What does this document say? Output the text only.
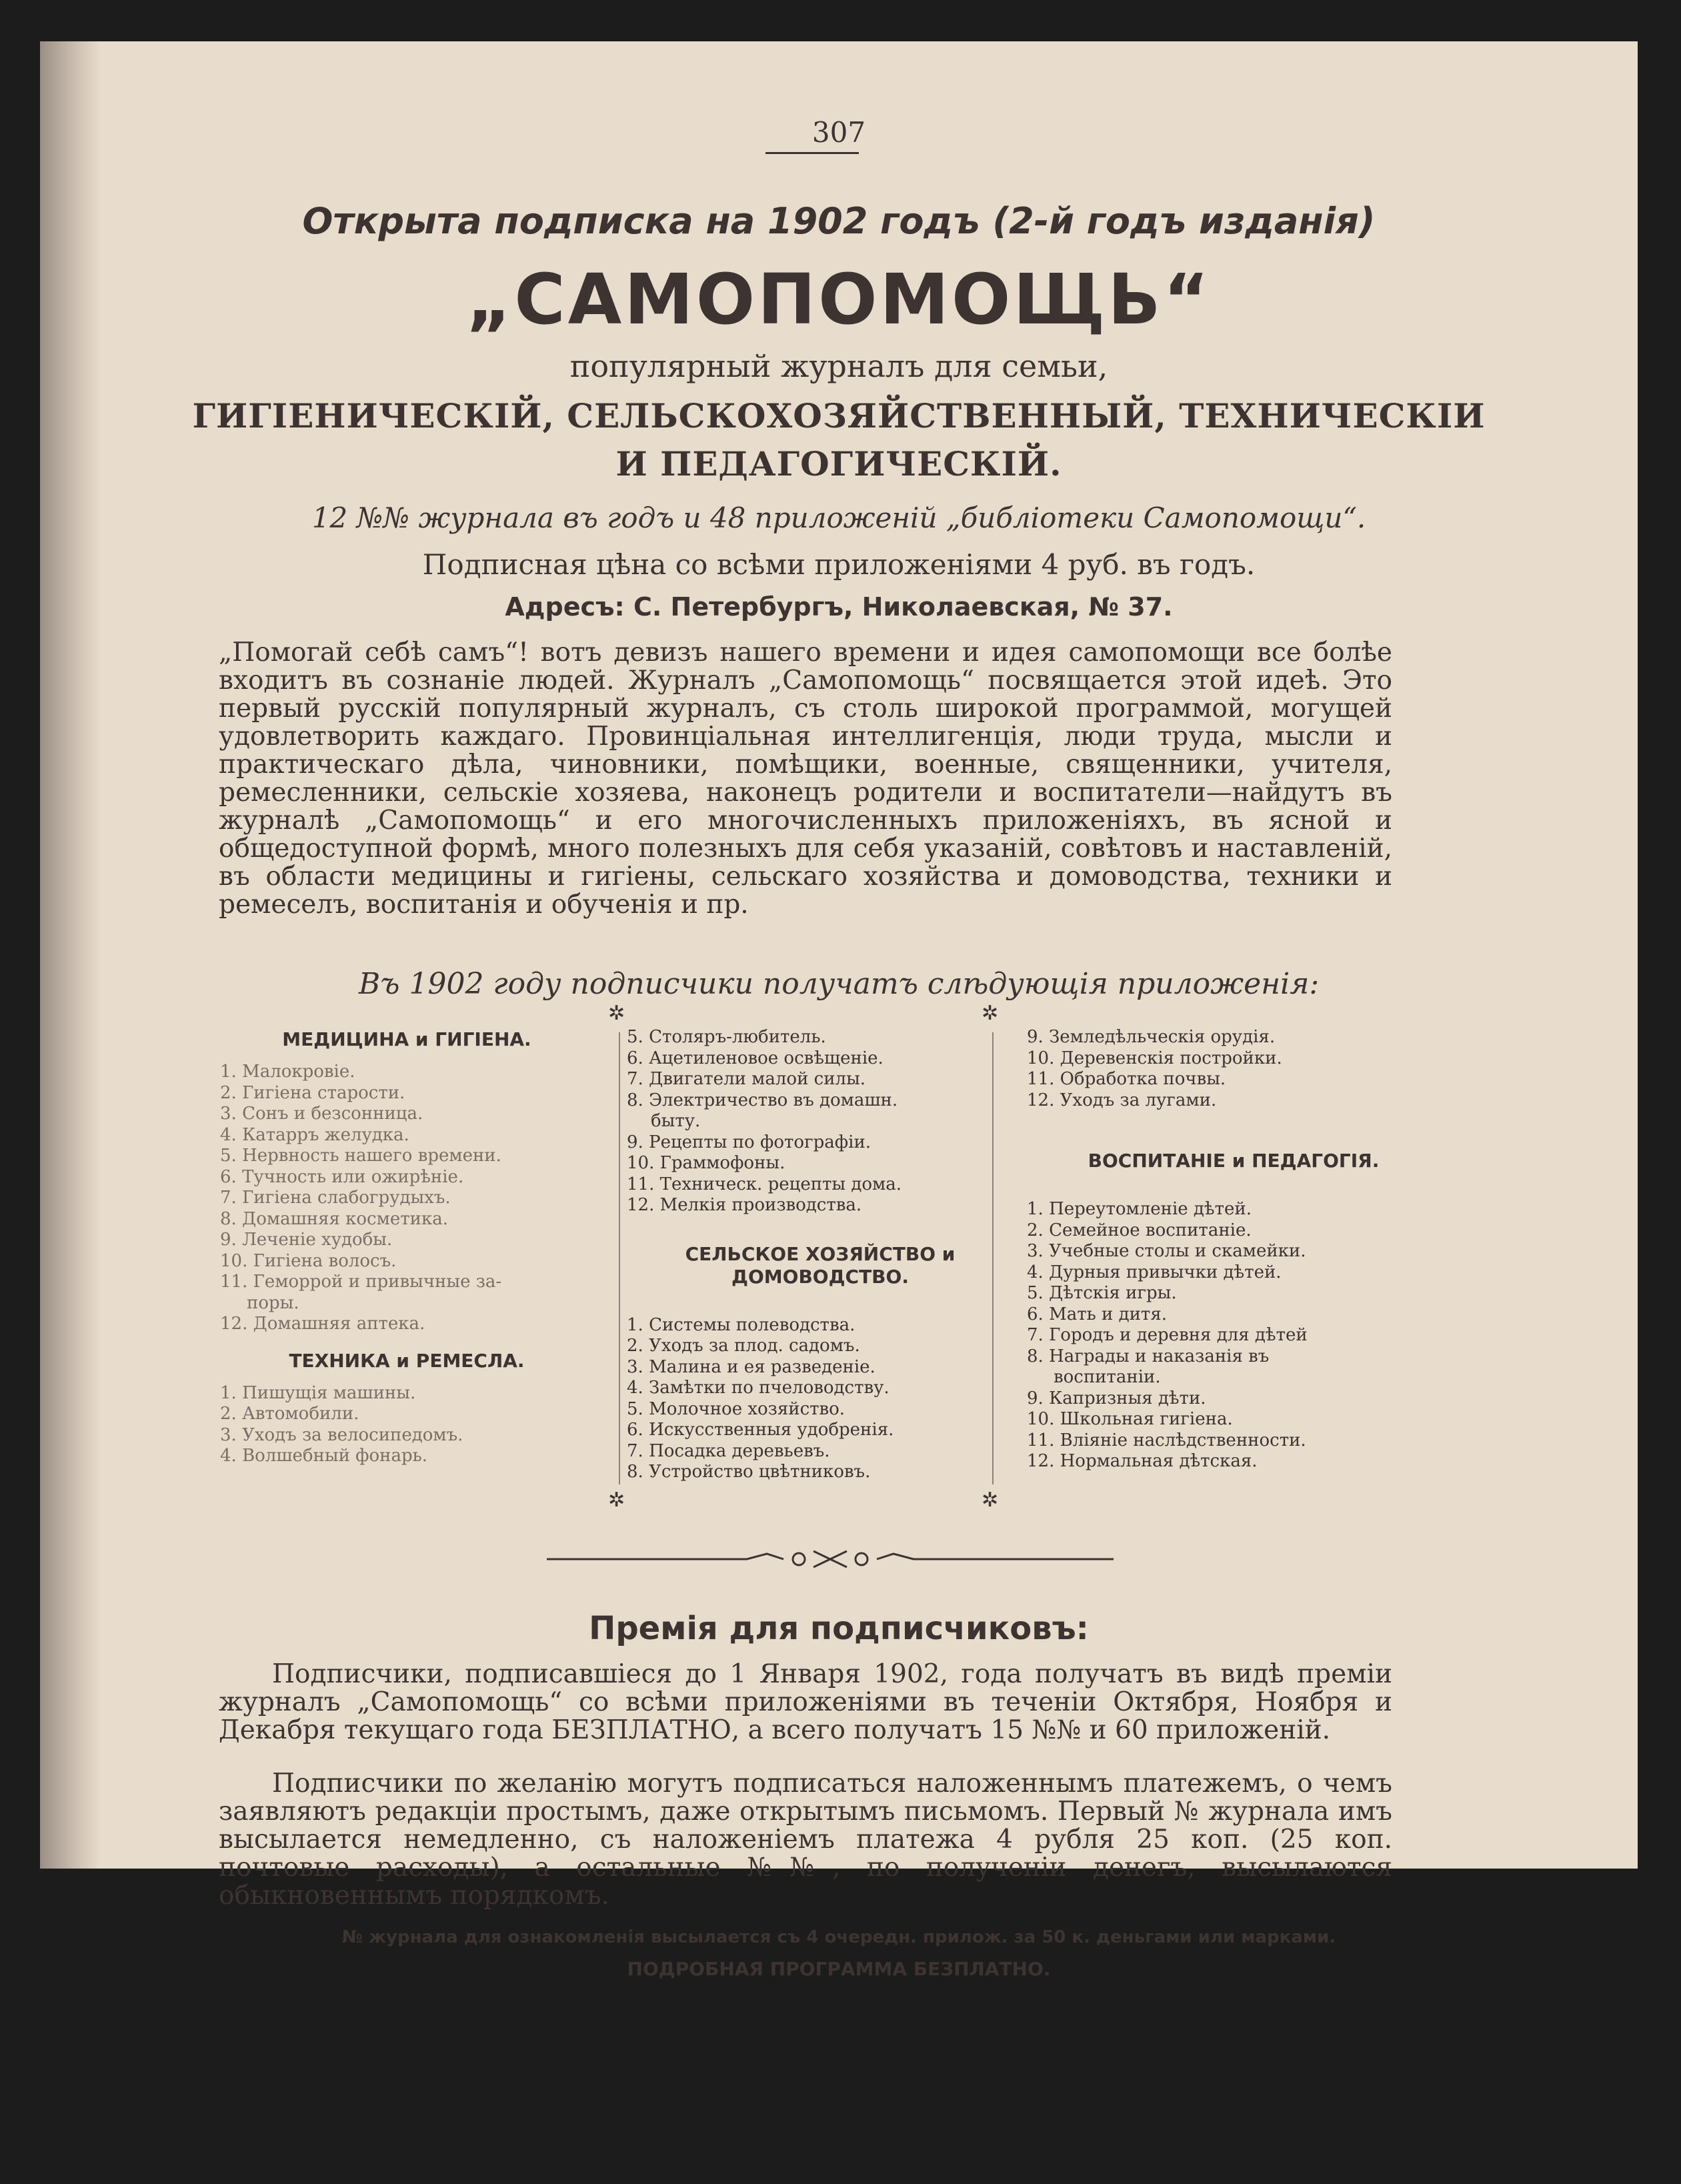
307
Открыта подписка на 1902 годъ (2-й годъ изданія)
„САМОПОМОЩЬ“
популярный журналъ для семьи,
ГИГІЕНИЧЕСКІЙ, СЕЛЬСКОХОЗЯЙСТВЕННЫЙ, ТЕХНИЧЕСКІИ
И ПЕДАГОГИЧЕСКІЙ.
12 №№ журнала въ годъ и 48 приложеній „библіотеки Самопомощи“.
Подписная цѣна со всѣми приложеніями 4 руб. въ годъ.
Адресъ: С. Петербургъ, Николаевская, № 37.
„Помогай себѣ самъ“! вотъ девизъ нашего времени и идея самопомощи все болѣе входитъ въ сознаніе людей. Журналъ „Самопомощь“ посвящается этой идеѣ. Это первый русскій популярный журналъ, съ столь широкой программой, могущей удовлетворить каждаго. Провинціальная интеллигенція, люди труда, мысли и практическаго дѣла, чиновники, помѣщики, военные, священники, учителя, ремесленники, сельскіе хозяева, наконецъ родители и воспитатели—найдутъ въ журналѣ „Самопомощь“ и его многочисленныхъ приложеніяхъ, въ ясной и общедоступной формѣ, много полезныхъ для себя указаній, совѣтовъ и наставленій, въ области медицины и гигіены, сельскаго хозяйства и домоводства, техники и ремеселъ, воспитанія и обученія и пр.
Въ 1902 году подписчики получатъ слѣдующія приложенія:
МЕДИЦИНА и ГИГІЕНА.
1. Малокровіе.
2. Гигіена старости.
3. Сонъ и безсонница.
4. Катарръ желудка.
5. Нервность нашего времени.
6. Тучность или ожирѣніе.
7. Гигіена слабогрудыхъ.
8. Домашняя косметика.
9. Леченіе худобы.
10. Гигіена волосъ.
11. Геморрой и привычные за-
поры.
12. Домашняя аптека.
ТЕХНИКА и РЕМЕСЛА.
1. Пишущія машины.
2. Автомобили.
3. Уходъ за велосипедомъ.
4. Волшебный фонарь.
5. Столяръ-любитель.
6. Ацетиленовое освѣщеніе.
7. Двигатели малой силы.
8. Электричество въ домашн.
быту.
9. Рецепты по фотографіи.
10. Граммофоны.
11. Техническ. рецепты дома.
12. Мелкія производства.
СЕЛЬСКОЕ ХОЗЯЙСТВО и ДОМОВОДСТВО.
1. Системы полеводства.
2. Уходъ за плод. садомъ.
3. Малина и ея разведеніе.
4. Замѣтки по пчеловодству.
5. Молочное хозяйство.
6. Искусственныя удобренія.
7. Посадка деревьевъ.
8. Устройство цвѣтниковъ.
9. Земледѣльческія орудія.
10. Деревенскія постройки.
11. Обработка почвы.
12. Уходъ за лугами.
ВОСПИТАНІЕ и ПЕДАГОГІЯ.
1. Переутомленіе дѣтей.
2. Семейное воспитаніе.
3. Учебные столы и скамейки.
4. Дурныя привычки дѣтей.
5. Дѣтскія игры.
6. Мать и дитя.
7. Городъ и деревня для дѣтей
8. Награды и наказанія въ
воспитаніи.
9. Капризныя дѣти.
10. Школьная гигіена.
11. Вліяніе наслѣдственности.
12. Нормальная дѣтская.
✲
✲
✲
✲
Премія для подписчиковъ:
Подписчики, подписавшіеся до 1 Января 1902, года получатъ въ видѣ преміи журналъ „Самопомощь“ со всѣми приложеніями въ теченіи Октября, Ноября и Декабря текущаго года БЕЗПЛАТНО, а всего получатъ 15 №№ и 60 приложеній.
Подписчики по желанію могутъ подписаться наложеннымъ платежемъ, о чемъ заявляютъ редакціи простымъ, даже открытымъ письмомъ. Первый № журнала имъ высылается немедленно, съ наложеніемъ платежа 4 рубля 25 коп. (25 коп. почтовые расходы), а остальные №№, по полученіи денегъ, высылаются обыкновеннымъ порядкомъ.
№ журнала для ознакомленія высылается съ 4 очередн. прилож. за 50 к. деньгами или марками.
ПОДРОБНАЯ ПРОГРАММА БЕЗПЛАТНО.
